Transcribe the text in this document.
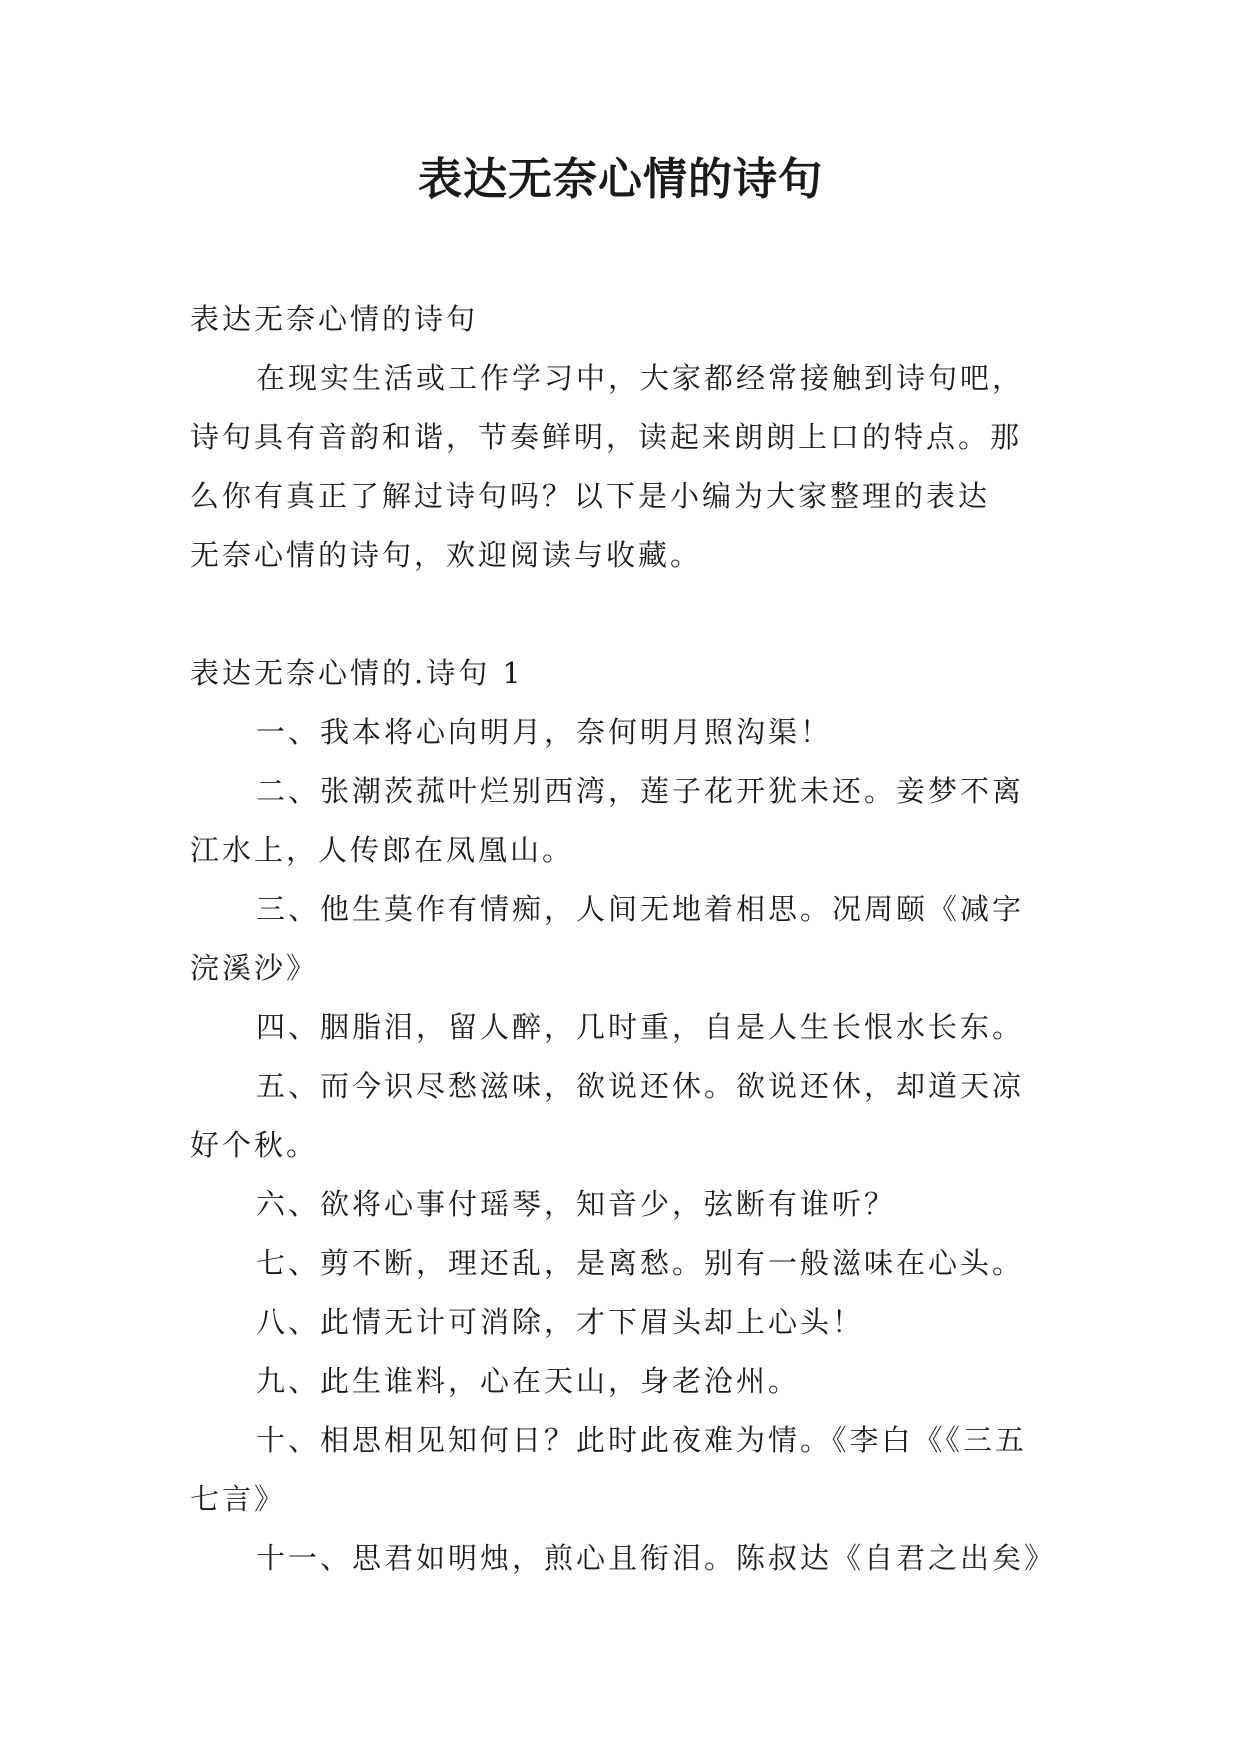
表达无奈心情的诗句

表达无奈心情的诗句

在现实生活或工作学习中，大家都经常接触到诗句吧，

诗句具有音韵和谐，节奏鲜明，读起来朗朗上口的特点。那

么你有真正了解过诗句吗？以下是小编为大家整理的表达

无奈心情的诗句，欢迎阅读与收藏。

表达无奈心情的.诗句 1

一、我本将心向明月，奈何明月照沟渠！

二、张潮茨菰叶烂别西湾，莲子花开犹未还。妾梦不离

江水上，人传郎在凤凰山。

三、他生莫作有情痴，人间无地着相思。况周颐《减字

浣溪沙》

四、胭脂泪，留人醉，几时重，自是人生长恨水长东。

五、而今识尽愁滋味，欲说还休。欲说还休，却道天凉

好个秋。

六、欲将心事付瑶琴，知音少，弦断有谁听？

七、剪不断，理还乱，是离愁。别有一般滋味在心头。

八、此情无计可消除，才下眉头却上心头！

九、此生谁料，心在天山，身老沧州。

十、相思相见知何日？此时此夜难为情。《李白《《三五

七言》

十一、思君如明烛，煎心且衔泪。陈叔达《自君之出矣》
